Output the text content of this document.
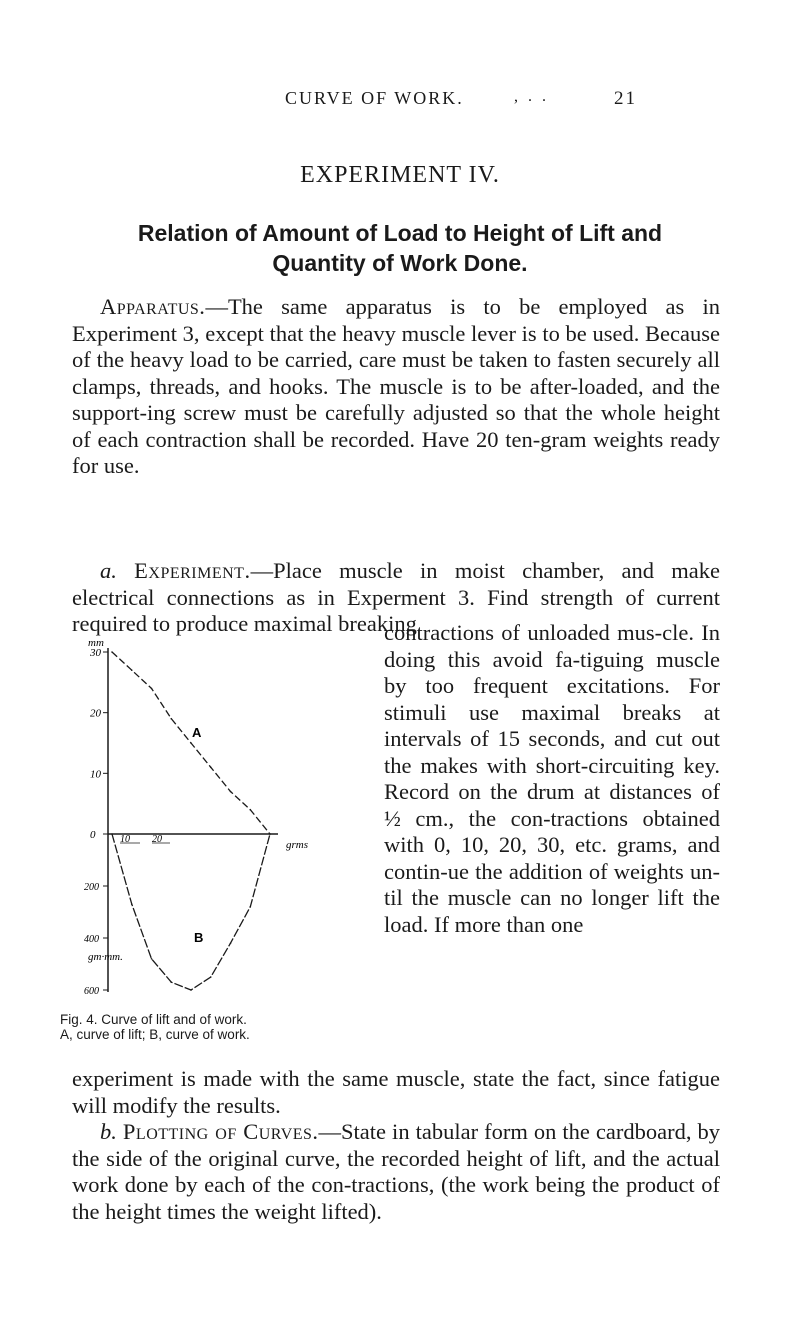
CURVE OF WORK.	, . .	21
EXPERIMENT IV.
Relation of Amount of Load to Height of Lift and
Quantity of Work Done.

Apparatus.—The same apparatus is to be employed as in Experiment 3, except that the heavy muscle lever is to be used. Because of the heavy load to be carried, care must be taken to fasten securely all clamps, threads, and hooks. The muscle is to be after-loaded, and the support-ing screw must be carefully adjusted so that the whole height of each contraction shall be recorded. Have 20 ten-gram weights ready for use.

a. Experiment.—Place muscle in moist chamber, and make electrical connections as in Experment 3. Find strength of current required to produce maximal breaking

contractions of unloaded mus-cle. In doing this avoid fa-tiguing muscle by too frequent excitations. For stimuli use maximal breaks at intervals of 15 seconds, and cut out the makes with short-circuiting key. Record on the drum at distances of ½ cm., the con-tractions obtained with 0, 10, 20, 30, etc. grams, and contin-ue the addition of weights un-til the muscle can no longer lift the load. If more than one

experiment is made with the same muscle, state the fact, since fatigue will modify the results.

b. Plotting of Curves.—State in tabular form on the cardboard, by the side of the original curve, the recorded height of lift, and the actual work done by each of the con-tractions, (the work being the product of the height times the weight lifted).

30
20
10
0
200
400
600
mm
gm·mm.
A
B
10 20	grms
Fig. 4. Curve of lift and of work.
A, curve of lift; B, curve of work.
